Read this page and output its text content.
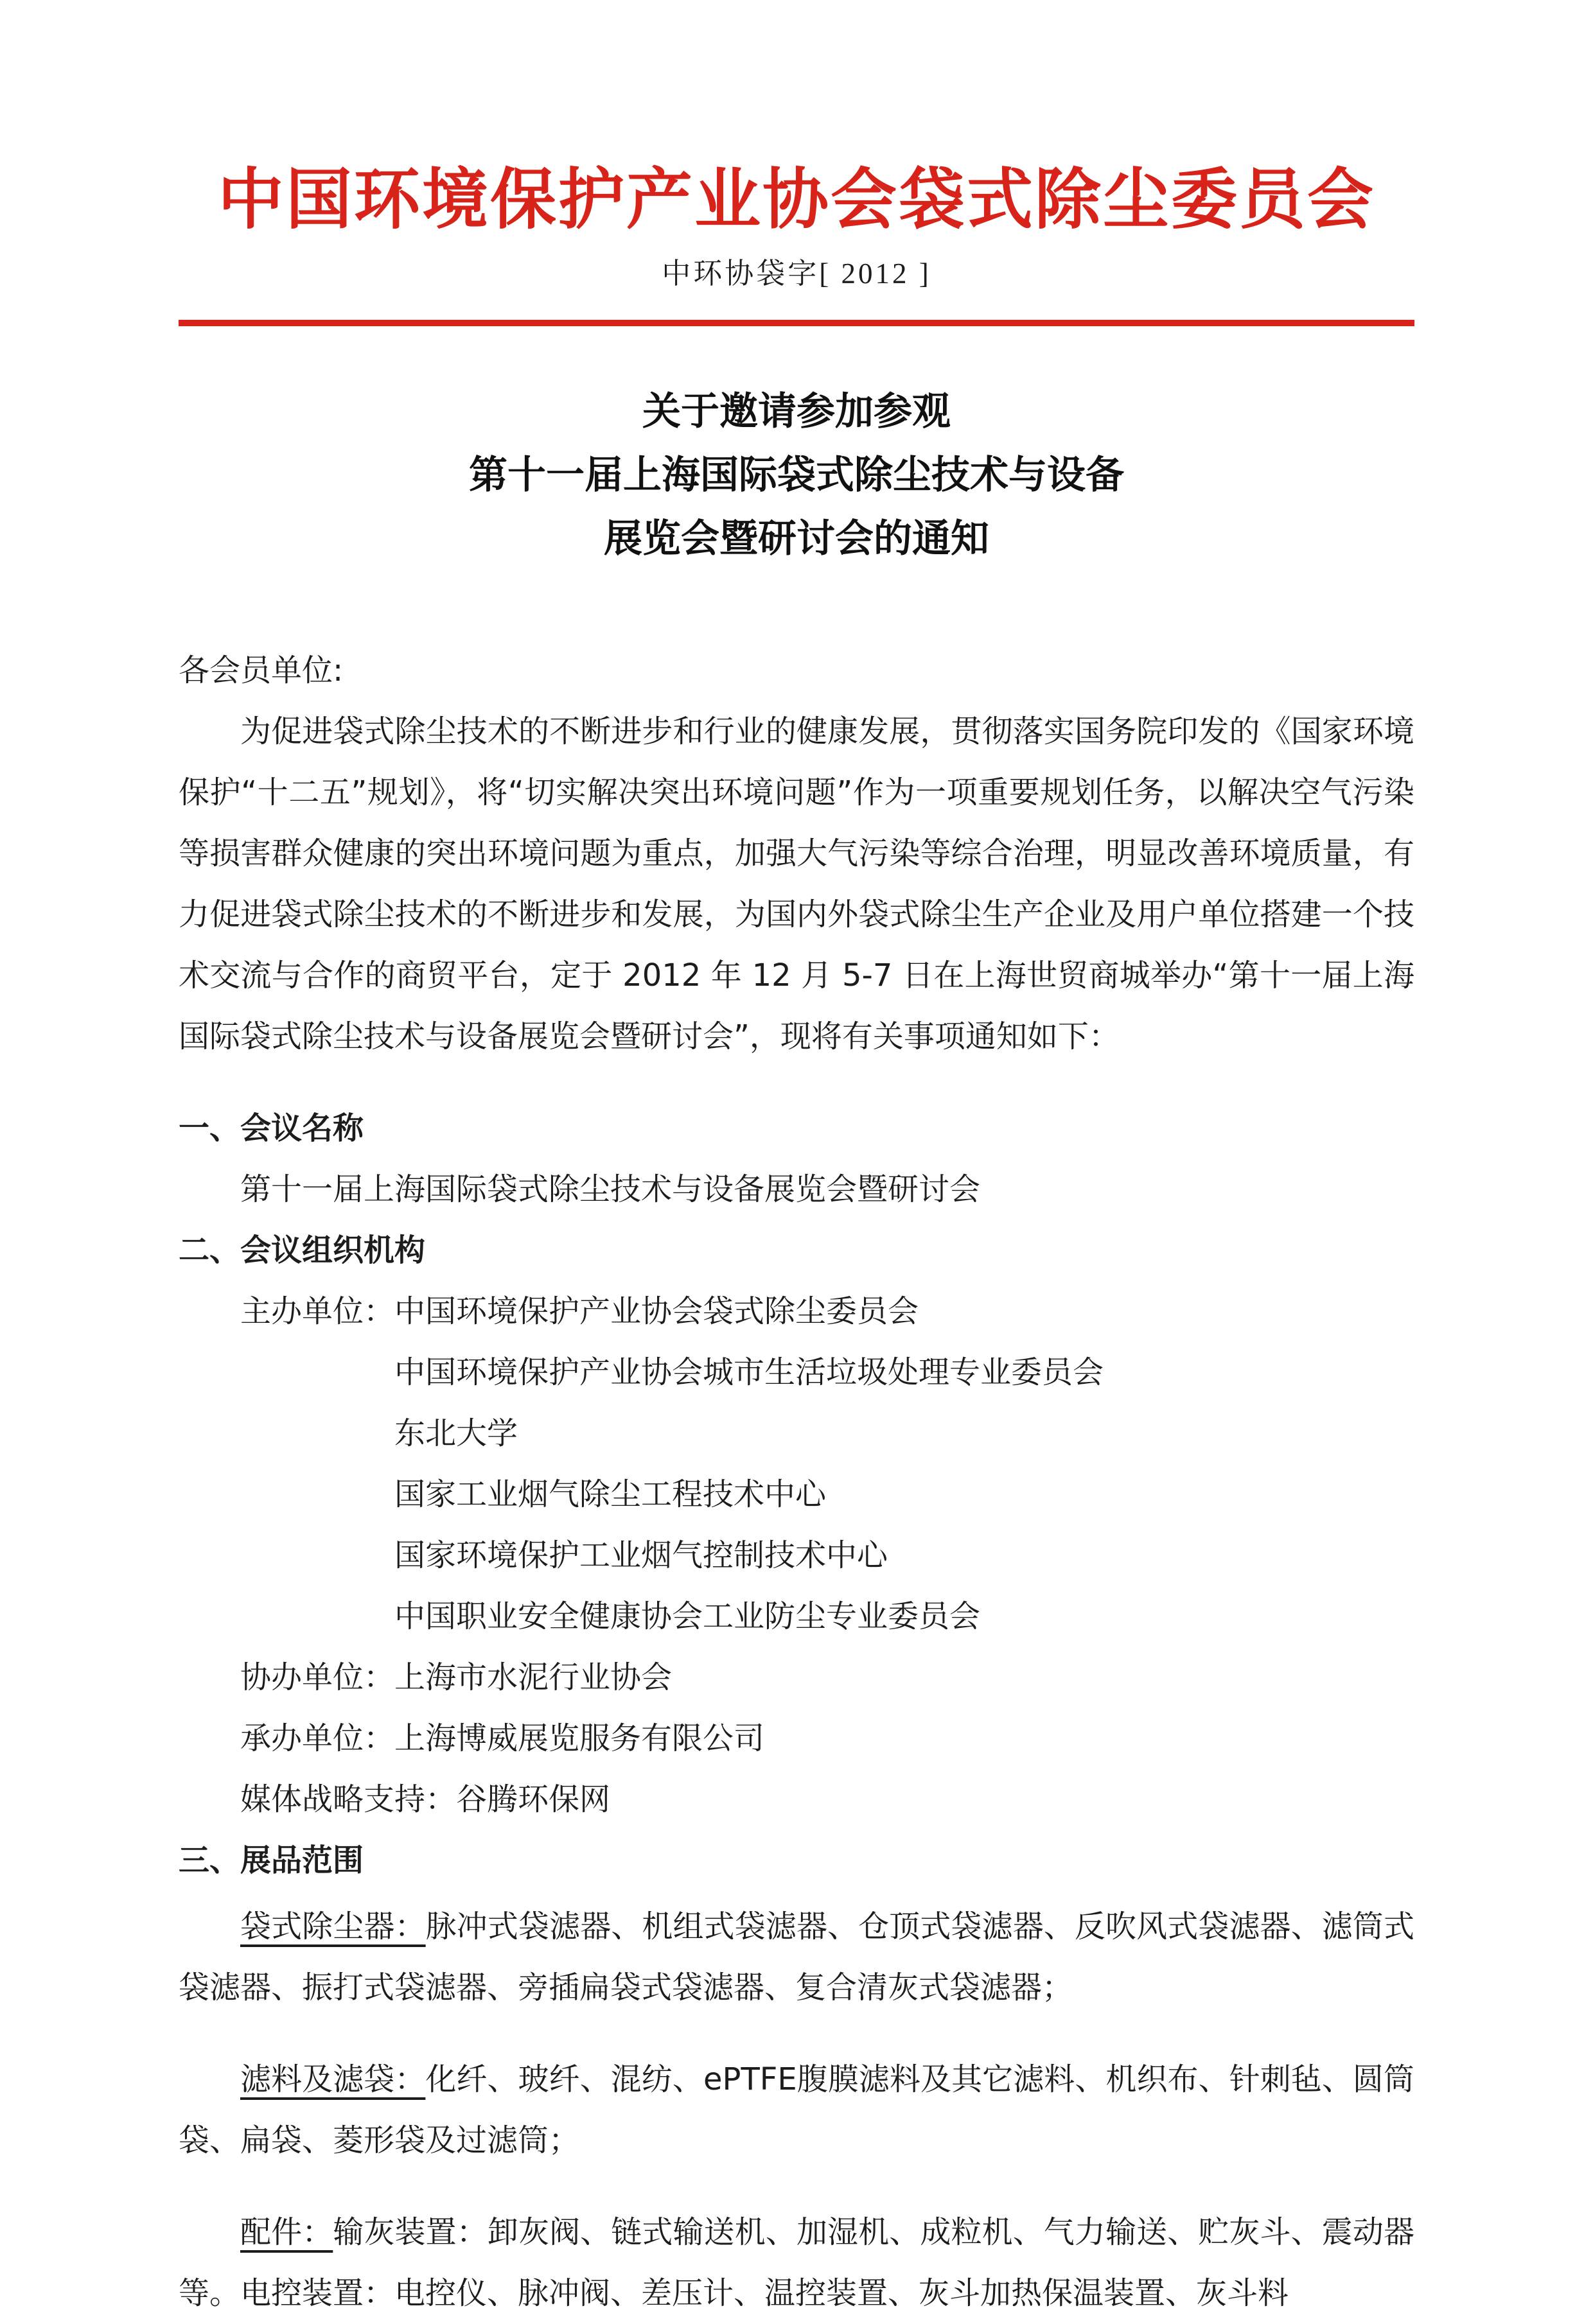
中国环境保护产业协会袋式除尘委员会
中环协袋字[ 2012 ]
关于邀请参加参观
第十一届上海国际袋式除尘技术与设备
展览会暨研讨会的通知
各会员单位:

为促进袋式除尘技术的不断进步和行业的健康发展，贯彻落实国务院印发的《国家环境保护“十二五”规划》，将“切实解决突出环境问题”作为一项重要规划任务，以解决空气污染等损害群众健康的突出环境问题为重点，加强大气污染等综合治理，明显改善环境质量，有力促进袋式除尘技术的不断进步和发展，为国内外袋式除尘生产企业及用户单位搭建一个技术交流与合作的商贸平台，定于 2012 年 12 月 5-7 日在上海世贸商城举办“第十一届上海国际袋式除尘技术与设备展览会暨研讨会”，现将有关事项通知如下：

一、会议名称
第十一届上海国际袋式除尘技术与设备展览会暨研讨会
二、会议组织机构
主办单位： 中国环境保护产业协会袋式除尘委员会
中国环境保护产业协会城市生活垃圾处理专业委员会
东北大学
国家工业烟气除尘工程技术中心
国家环境保护工业烟气控制技术中心
中国职业安全健康协会工业防尘专业委员会
协办单位：上海市水泥行业协会
承办单位：上海博威展览服务有限公司
媒体战略支持：谷腾环保网
三、展品范围

袋式除尘器：脉冲式袋滤器、机组式袋滤器、仓顶式袋滤器、反吹风式袋滤器、滤筒式袋滤器、振打式袋滤器、旁插扁袋式袋滤器、复合清灰式袋滤器；

滤料及滤袋：化纤、玻纤、混纺、ePTFE腹膜滤料及其它滤料、机织布、针刺毡、圆筒袋、扁袋、菱形袋及过滤筒；

配件：输灰装置：卸灰阀、链式输送机、加湿机、成粒机、气力输送、贮灰斗、震动器等。电控装置：电控仪、脉冲阀、差压计、温控装置、灰斗加热保温装置、灰斗料
